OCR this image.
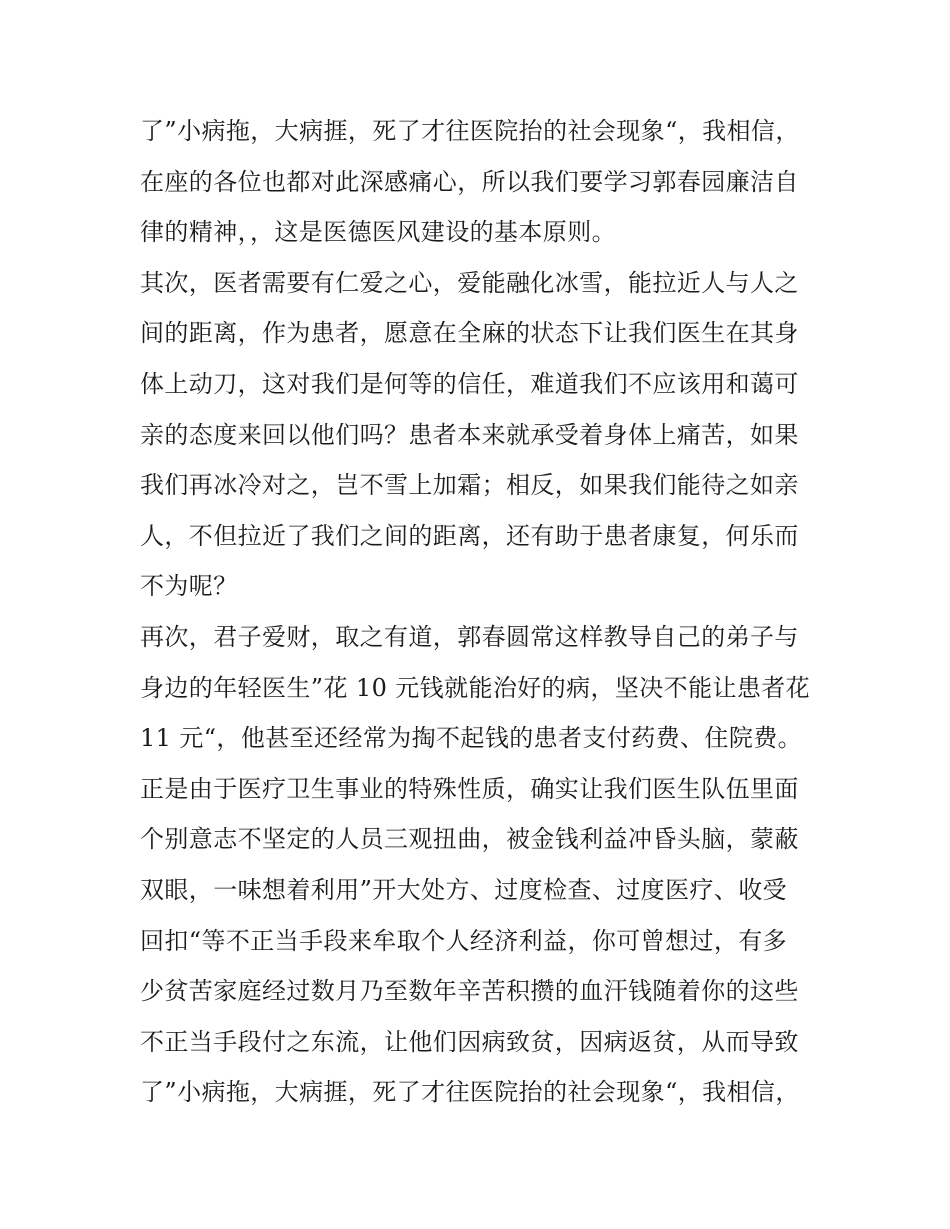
了”小病拖，大病捱，死了才往医院抬的社会现象“，我相信，
在座的各位也都对此深感痛心，所以我们要学习郭春园廉洁自
律的精神，，这是医德医风建设的基本原则。
其次，医者需要有仁爱之心，爱能融化冰雪，能拉近人与人之
间的距离，作为患者，愿意在全麻的状态下让我们医生在其身
体上动刀，这对我们是何等的信任，难道我们不应该用和蔼可
亲的态度来回以他们吗？患者本来就承受着身体上痛苦，如果
我们再冰冷对之，岂不雪上加霜；相反，如果我们能待之如亲
人，不但拉近了我们之间的距离，还有助于患者康复，何乐而
不为呢？
再次，君子爱财，取之有道，郭春圆常这样教导自己的弟子与
身边的年轻医生”花 10 元钱就能治好的病，坚决不能让患者花
11 元“，他甚至还经常为掏不起钱的患者支付药费、住院费。
正是由于医疗卫生事业的特殊性质，确实让我们医生队伍里面
个别意志不坚定的人员三观扭曲，被金钱利益冲昏头脑，蒙蔽
双眼，一味想着利用”开大处方、过度检查、过度医疗、收受
回扣“等不正当手段来牟取个人经济利益，你可曾想过，有多
少贫苦家庭经过数月乃至数年辛苦积攒的血汗钱随着你的这些
不正当手段付之东流，让他们因病致贫，因病返贫，从而导致
了”小病拖，大病捱，死了才往医院抬的社会现象“，我相信，
